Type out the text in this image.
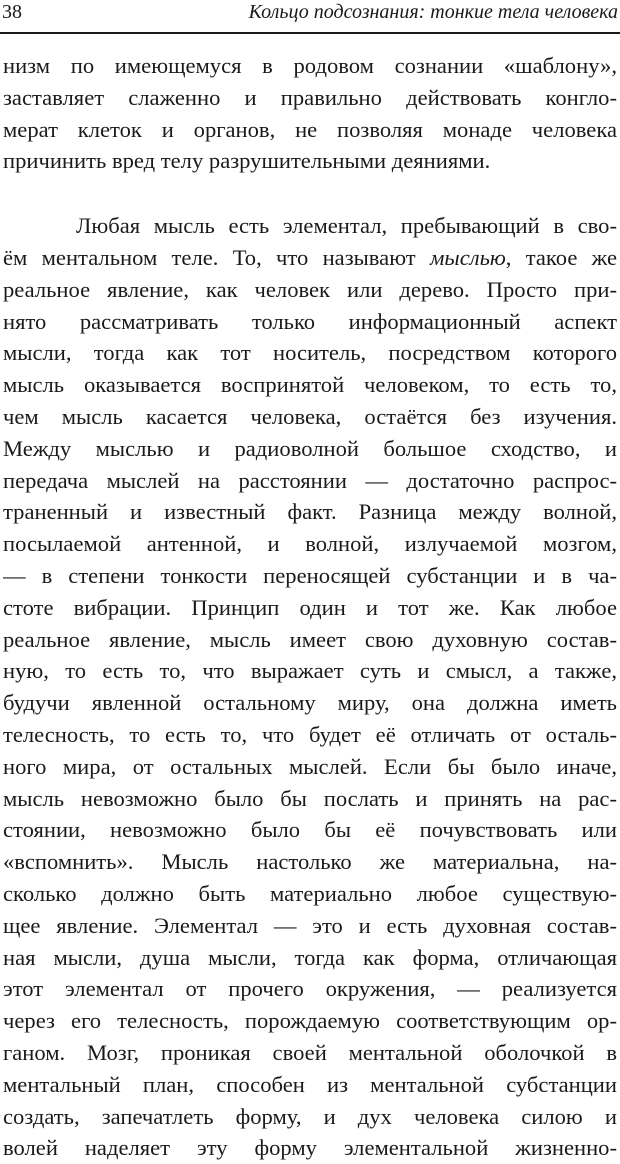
38	Кольцо подсознания: тонкие тела человека
низм по имеющемуся в родовом сознании «шаблону»,
заставляет слаженно и правильно действовать конгло-
мерат клеток и органов, не позволяя монаде человека
причинить вред телу разрушительными деяниями.
Любая мысль есть элементал, пребывающий в сво-
ём ментальном теле. То, что называют мыслью, такое же
реальное явление, как человек или дерево. Просто при-
нято рассматривать только информационный аспект
мысли, тогда как тот носитель, посредством которого
мысль оказывается воспринятой человеком, то есть то,
чем мысль касается человека, остаётся без изучения.
Между мыслью и радиоволной большое сходство, и
передача мыслей на расстоянии — достаточно распрос-
траненный и известный факт. Разница между волной,
посылаемой антенной, и волной, излучаемой мозгом,
— в степени тонкости переносящей субстанции и в ча-
стоте вибрации. Принцип один и тот же. Как любое
реальное явление, мысль имеет свою духовную состав-
ную, то есть то, что выражает суть и смысл, а также,
будучи явленной остальному миру, она должна иметь
телесность, то есть то, что будет её отличать от осталь-
ного мира, от остальных мыслей. Если бы было иначе,
мысль невозможно было бы послать и принять на рас-
стоянии, невозможно было бы её почувствовать или
«вспомнить». Мысль настолько же материальна, на-
сколько должно быть материально любое существую-
щее явление. Элементал — это и есть духовная состав-
ная мысли, душа мысли, тогда как форма, отличающая
этот элементал от прочего окружения, — реализуется
через его телесность, порождаемую соответствующим ор-
ганом. Мозг, проникая своей ментальной оболочкой в
ментальный план, способен из ментальной субстанции
создать, запечатлеть форму, и дух человека силою и
волей наделяет эту форму элементальной жизненно-
